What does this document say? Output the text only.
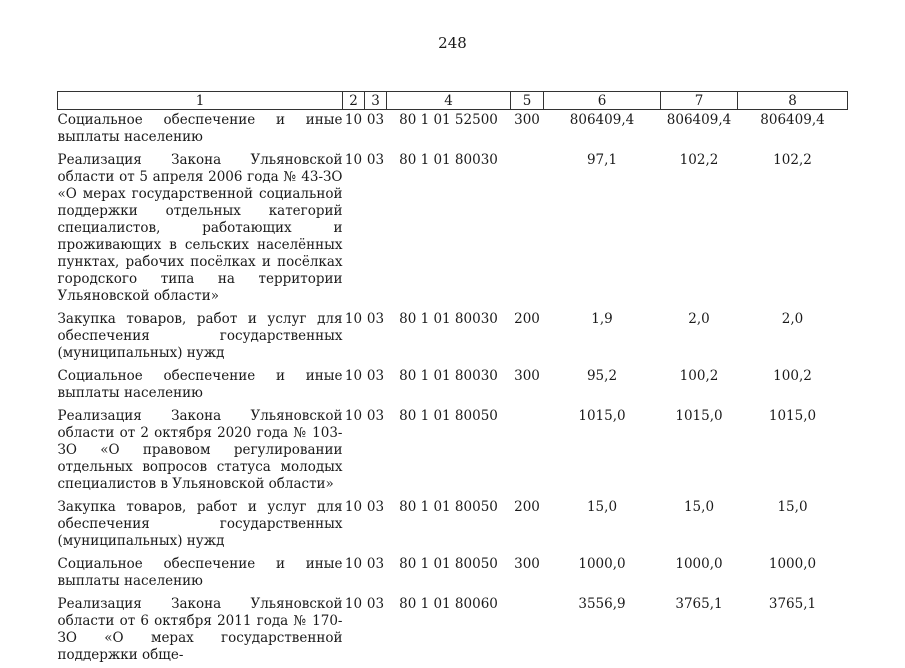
248
1	2	3	4	5	6	7	8
Социальное обеспечение и иные выплаты населению	10	03	80 1 01 52500	300	806409,4	806409,4	806409,4
Реализация Закона Ульяновской области от 5 апреля 2006 года № 43-ЗО «О мерах государственной социальной поддержки отдельных категорий специалистов, работающих и проживающих в сельских населённых пунктах, рабочих посёлках и посёлках городского типа на территории Ульяновской области»	10	03	80 1 01 80030		97,1	102,2	102,2
Закупка товаров, работ и услуг для обеспечения государственных (муниципальных) нужд	10	03	80 1 01 80030	200	1,9	2,0	2,0
Социальное обеспечение и иные выплаты населению	10	03	80 1 01 80030	300	95,2	100,2	100,2
Реализация Закона Ульяновской области от 2 октября 2020 года № 103-ЗО «О правовом регулировании отдельных вопросов статуса молодых специалистов в Ульяновской области»	10	03	80 1 01 80050		1015,0	1015,0	1015,0
Закупка товаров, работ и услуг для обеспечения государственных (муниципальных) нужд	10	03	80 1 01 80050	200	15,0	15,0	15,0
Социальное обеспечение и иные выплаты населению	10	03	80 1 01 80050	300	1000,0	1000,0	1000,0
Реализация Закона Ульяновской области от 6 октября 2011 года № 170-ЗО «О мерах государственной поддержки обще-	10	03	80 1 01 80060		3556,9	3765,1	3765,1
